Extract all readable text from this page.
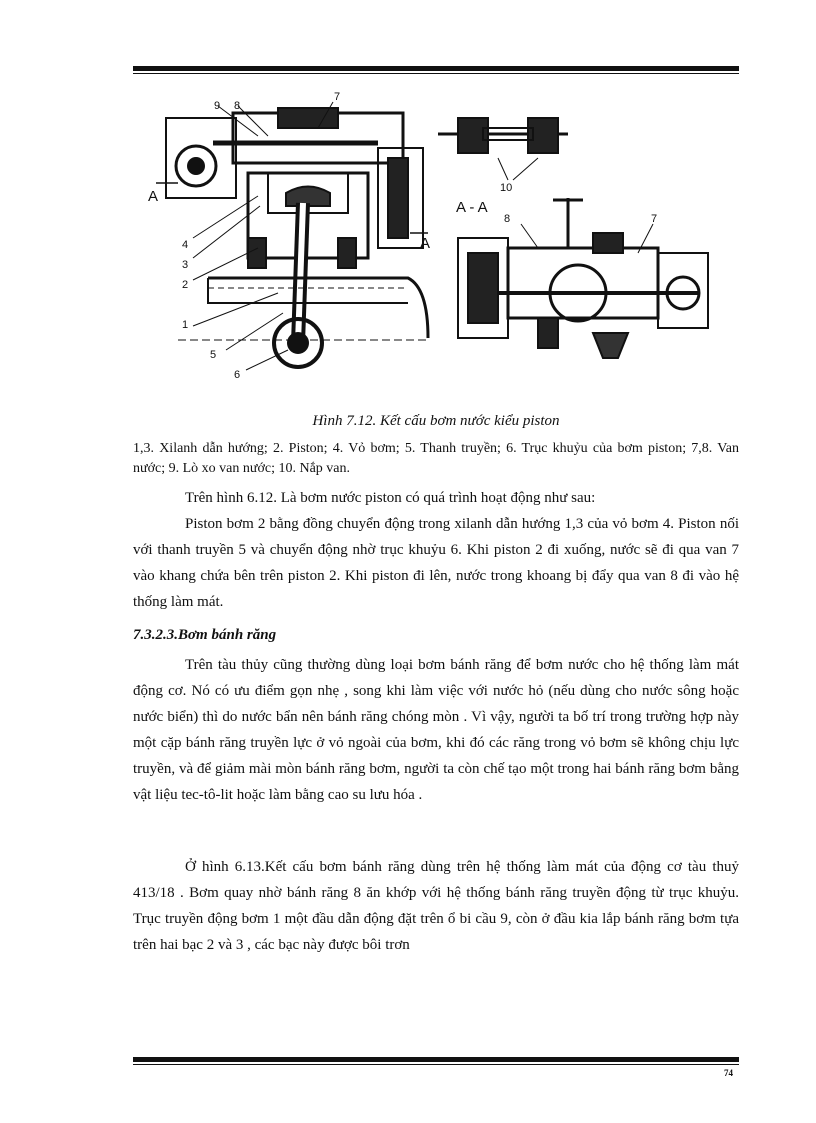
9 8
7
A
A
4
3
2
1
5
6
10
A - A
8	7
Hình 7.12. Kết cấu bơm nước kiểu piston
1,3. Xilanh dẫn hướng; 2. Piston; 4. Vỏ bơm; 5. Thanh truyền; 6. Trục khuỷu của bơm piston; 7,8. Van nước; 9. Lò xo van nước; 10. Nắp van.
Trên hình 6.12. Là bơm nước piston có quá trình hoạt động như sau:
Piston bơm 2 bằng đồng chuyển động trong xilanh dẫn hướng 1,3 của vỏ bơm 4. Piston nối với thanh truyền 5 và chuyển động nhờ trục khuỷu 6. Khi piston 2 đi xuống, nước sẽ đi qua van 7 vào khang chứa bên trên piston 2. Khi piston đi lên, nước trong khoang bị đẩy qua van 8 đi vào hệ thống làm mát.
7.3.2.3.Bơm bánh răng
Trên tàu thủy cũng thường dùng loại bơm bánh răng để bơm nước cho hệ thống làm mát động cơ. Nó có ưu điểm gọn nhẹ , song khi làm việc với nước hỏ (nếu dùng cho nước sông hoặc nước biển) thì do nước bẩn nên bánh răng chóng mòn . Vì vậy, người ta bố trí trong trường hợp này một cặp bánh răng truyền lực ở vỏ ngoài của bơm, khi đó các răng trong vỏ bơm sẽ không chịu lực truyền, và để giảm mài mòn bánh răng bơm, người ta còn chế tạo một trong hai bánh răng bơm bằng vật liệu tec-tô-lit hoặc làm bằng cao su lưu hóa .
Ở hình 6.13.Kết cấu bơm bánh răng dùng trên hệ thống làm mát của động cơ tàu thuỷ 413/18 . Bơm quay nhờ bánh răng 8 ăn khớp với hệ thống bánh răng truyền động từ trục khuỷu. Trục truyền động bơm 1 một đầu dẫn động đặt trên ổ bi cầu 9, còn ở đầu kia lắp bánh răng bơm tựa trên hai bạc 2 và 3 , các bạc này được bôi trơn
74
